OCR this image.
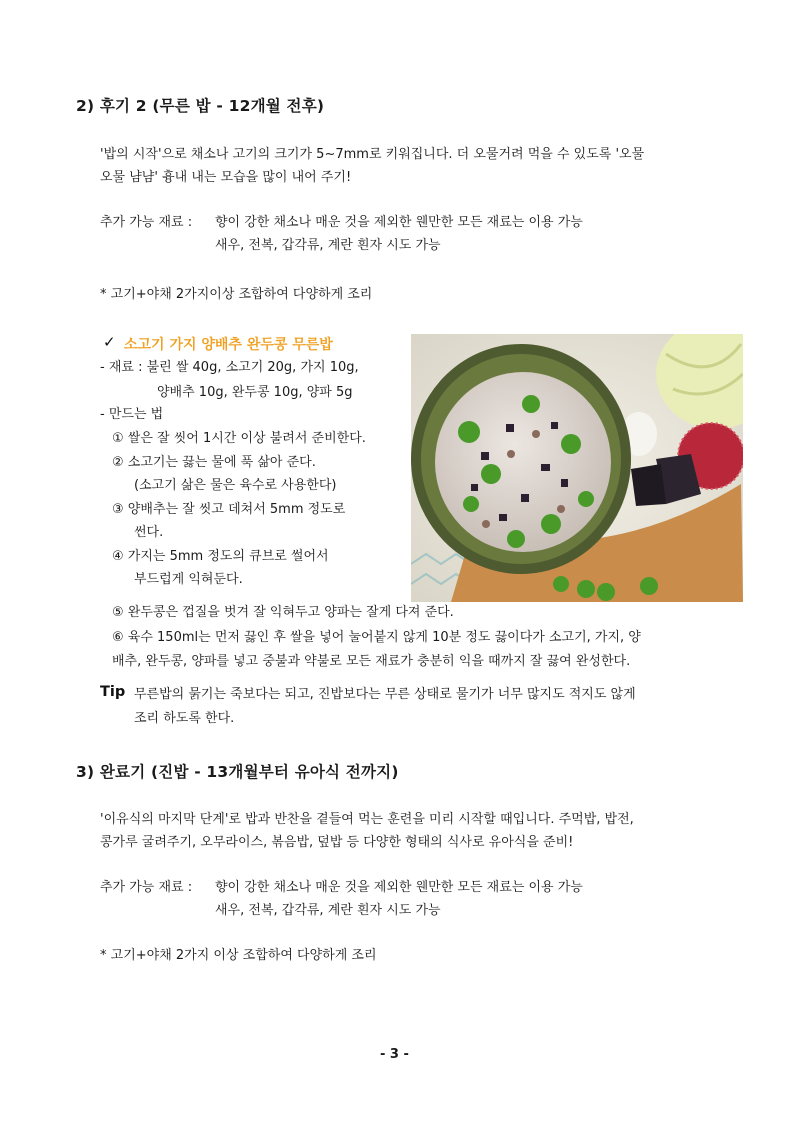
2) 후기 2 (무른 밥 - 12개월 전후)
'밥의 시작'으로 채소나 고기의 크기가 5~7mm로 키워집니다. 더 오물거려 먹을 수 있도록 '오물
오물 냠냠' 흉내 내는 모습을 많이 내어 주기!
추가 가능 재료 : 향이 강한 채소나 매운 것을 제외한 웬만한 모든 재료는 이용 가능
새우, 전복, 갑각류, 계란 흰자 시도 가능
* 고기+야채 2가지이상 조합하여 다양하게 조리
✓ 소고기 가지 양배추 완두콩 무른밥
- 재료 : 불린 쌀 40g, 소고기 20g, 가지 10g,
양배추 10g, 완두콩 10g, 양파 5g
- 만드는 법
① 쌀은 잘 씻어 1시간 이상 불려서 준비한다.
② 소고기는 끓는 물에 푹 삶아 준다.
(소고기 삶은 물은 육수로 사용한다)
③ 양배추는 잘 씻고 데쳐서 5mm 정도로
썬다.
④ 가지는 5mm 정도의 큐브로 썰어서
부드럽게 익혀둔다.
⑤ 완두콩은 껍질을 벗겨 잘 익혀두고 양파는 잘게 다져 준다.
⑥ 육수 150ml는 먼저 끓인 후 쌀을 넣어 눌어붙지 않게 10분 정도 끓이다가 소고기, 가지, 양
배추, 완두콩, 양파를 넣고 중불과 약불로 모든 재료가 충분히 익을 때까지 잘 끓여 완성한다.
Tip 무른밥의 묽기는 죽보다는 되고, 진밥보다는 무른 상태로 물기가 너무 많지도 적지도 않게
조리 하도록 한다.
3) 완료기 (진밥 - 13개월부터 유아식 전까지)
'이유식의 마지막 단계'로 밥과 반찬을 곁들여 먹는 훈련을 미리 시작할 때입니다. 주먹밥, 밥전,
콩가루 굴려주기, 오무라이스, 볶음밥, 덮밥 등 다양한 형태의 식사로 유아식을 준비!
추가 가능 재료 : 향이 강한 채소나 매운 것을 제외한 웬만한 모든 재료는 이용 가능
새우, 전복, 갑각류, 계란 흰자 시도 가능
* 고기+야채 2가지 이상 조합하여 다양하게 조리
- 3 -
